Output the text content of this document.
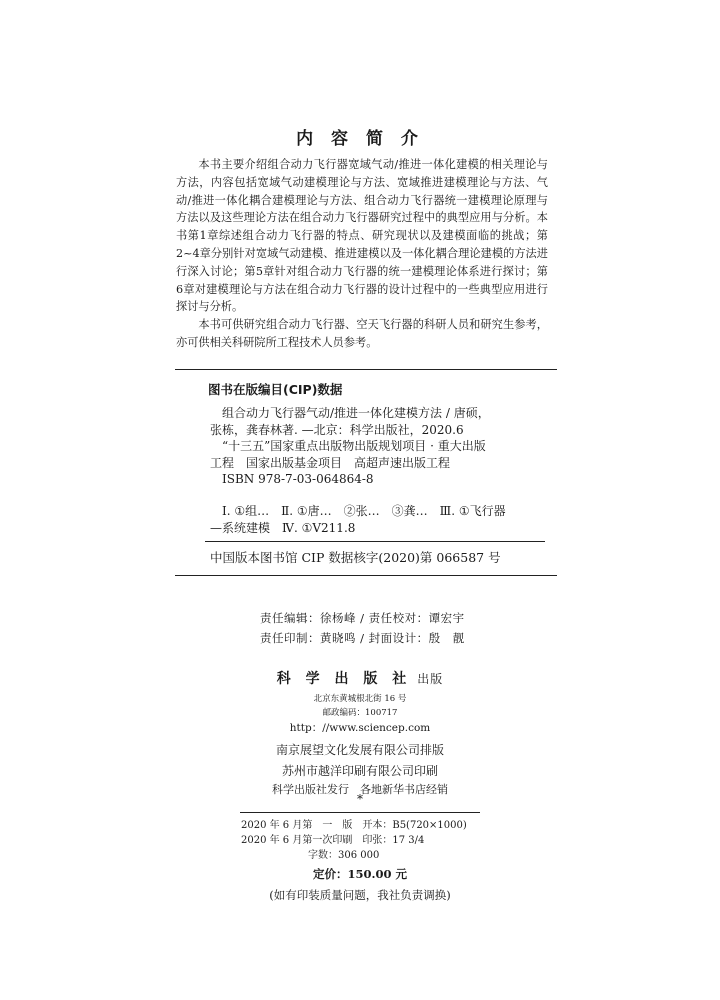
内 容 简 介

本书主要介绍组合动力飞行器宽域气动/推进一体化建模的相关理论与方法，内容包括宽域气动建模理论与方法、宽域推进建模理论与方法、气动/推进一体化耦合建模理论与方法、组合动力飞行器统一建模理论原理与方法以及这些理论方法在组合动力飞行器研究过程中的典型应用与分析。本书第1章综述组合动力飞行器的特点、研究现状以及建模面临的挑战；第2~4章分别针对宽域气动建模、推进建模以及一体化耦合理论建模的方法进行深入讨论；第5章针对组合动力飞行器的统一建模理论体系进行探讨；第6章对建模理论与方法在组合动力飞行器的设计过程中的一些典型应用进行探讨与分析。

本书可供研究组合动力飞行器、空天飞行器的科研人员和研究生参考，亦可供相关科研院所工程技术人员参考。

图书在版编目(CIP)数据
组合动力飞行器气动/推进一体化建模方法 / 唐硕，
张栋，龚春林著. —北京：科学出版社，2020.6
“十三五”国家重点出版物出版规划项目 · 重大出版
工程　国家出版基金项目　高超声速出版工程
ISBN 978-7-03-064864-8
Ⅰ. ①组…　Ⅱ. ①唐…　②张…　③龚…　Ⅲ. ①飞行器
—系统建模　Ⅳ. ①V211.8
中国版本图书馆 CIP 数据核字(2020)第 066587 号
责任编辑：徐杨峰 / 责任校对：谭宏宇
责任印制：黄晓鸣 / 封面设计：殷　靓
科 学 出 版 社 出版
北京东黄城根北街 16 号
邮政编码：100717
http：//www.sciencep.com
南京展望文化发展有限公司排版
苏州市越洋印刷有限公司印刷
科学出版社发行　各地新华书店经销
*
2020 年 6 月第　一　版　开本：B5(720×1000)
2020 年 6 月第一次印刷　印张：17 3/4
字数：306 000
定价：150.00 元
(如有印装质量问题，我社负责调换)
